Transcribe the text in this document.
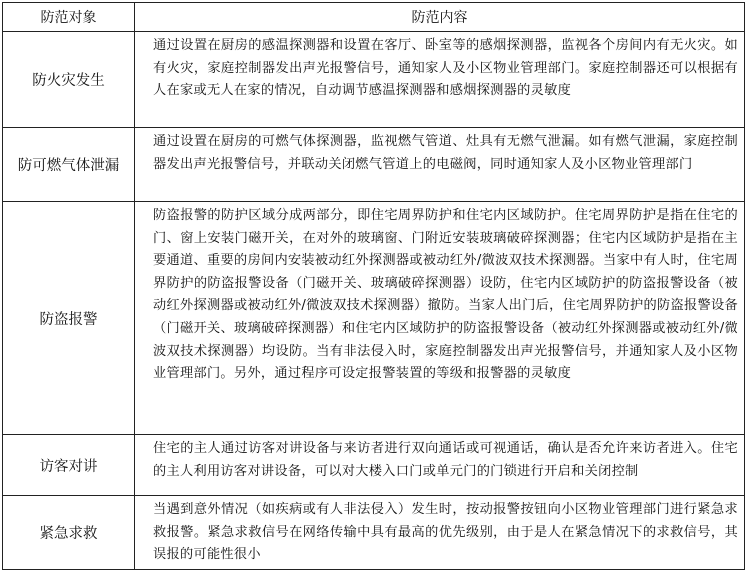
防范对象	防范内容
防火灾发生	通过设置在厨房的感温探测器和设置在客厅、卧室等的感烟探测器，监视各个房间内有无火灾。如有火灾，家庭控制器发出声光报警信号，通知家人及小区物业管理部门。家庭控制器还可以根据有人在家或无人在家的情况，自动调节感温探测器和感烟探测器的灵敏度
防可燃气体泄漏	通过设置在厨房的可燃气体探测器，监视燃气管道、灶具有无燃气泄漏。如有燃气泄漏，家庭控制器发出声光报警信号，并联动关闭燃气管道上的电磁阀，同时通知家人及小区物业管理部门
防盗报警	防盗报警的防护区域分成两部分，即住宅周界防护和住宅内区域防护。住宅周界防护是指在住宅的门、窗上安装门磁开关，在对外的玻璃窗、门附近安装玻璃破碎探测器；住宅内区域防护是指在主要通道、重要的房间内安装被动红外探测器或被动红外/微波双技术探测器。当家中有人时，住宅周界防护的防盗报警设备（门磁开关、玻璃破碎探测器）设防，住宅内区域防护的防盗报警设备（被动红外探测器或被动红外/微波双技术探测器）撤防。当家人出门后，住宅周界防护的防盗报警设备（门磁开关、玻璃破碎探测器）和住宅内区域防护的防盗报警设备（被动红外探测器或被动红外/微波双技术探测器）均设防。当有非法侵入时，家庭控制器发出声光报警信号，并通知家人及小区物业管理部门。另外，通过程序可设定报警装置的等级和报警器的灵敏度
访客对讲	住宅的主人通过访客对讲设备与来访者进行双向通话或可视通话，确认是否允许来访者进入。住宅的主人利用访客对讲设备，可以对大楼入口门或单元门的门锁进行开启和关闭控制
紧急求救	当遇到意外情况（如疾病或有人非法侵入）发生时，按动报警按钮向小区物业管理部门进行紧急求救报警。紧急求救信号在网络传输中具有最高的优先级别，由于是人在紧急情况下的求救信号，其误报的可能性很小
